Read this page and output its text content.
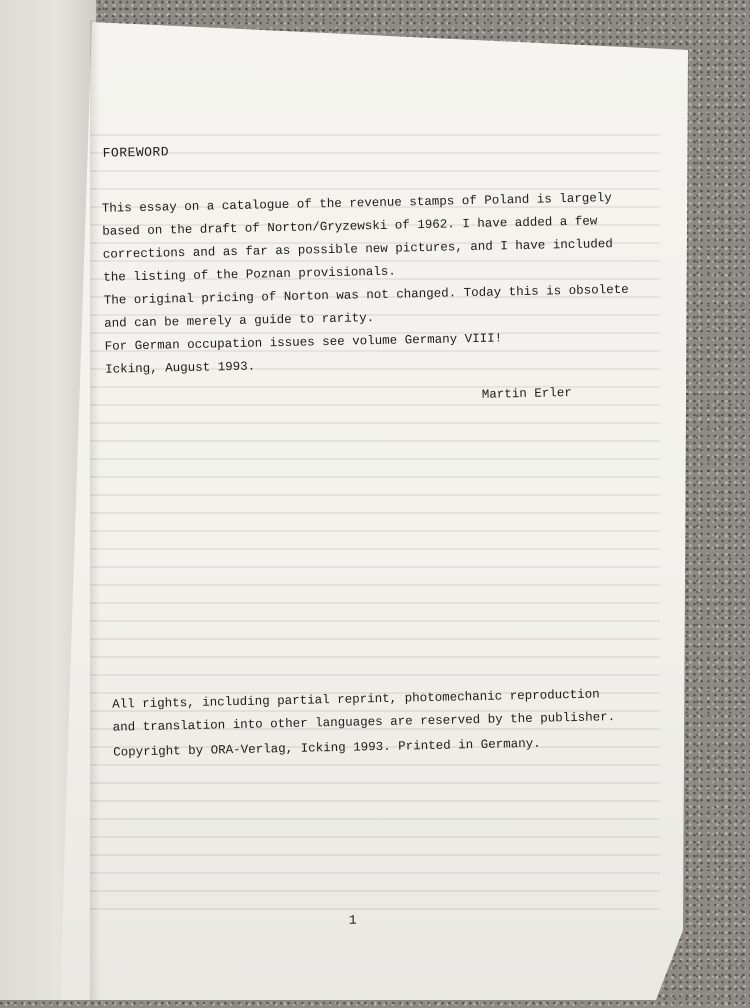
FOREWORD
This essay on a catalogue of the revenue stamps of Poland is largely
based on the draft of Norton/Gryzewski of 1962. I have added a few
corrections and as far as possible new pictures, and I have included
the listing of the Poznan provisionals.
The original pricing of Norton was not changed. Today this is obsolete
and can be merely a guide to rarity.
For German occupation issues see volume Germany VIII!
Icking, August 1993.
Martin Erler
All rights, including partial reprint, photomechanic reproduction
and translation into other languages are reserved by the publisher.
Copyright by ORA-Verlag, Icking 1993. Printed in Germany.
1
